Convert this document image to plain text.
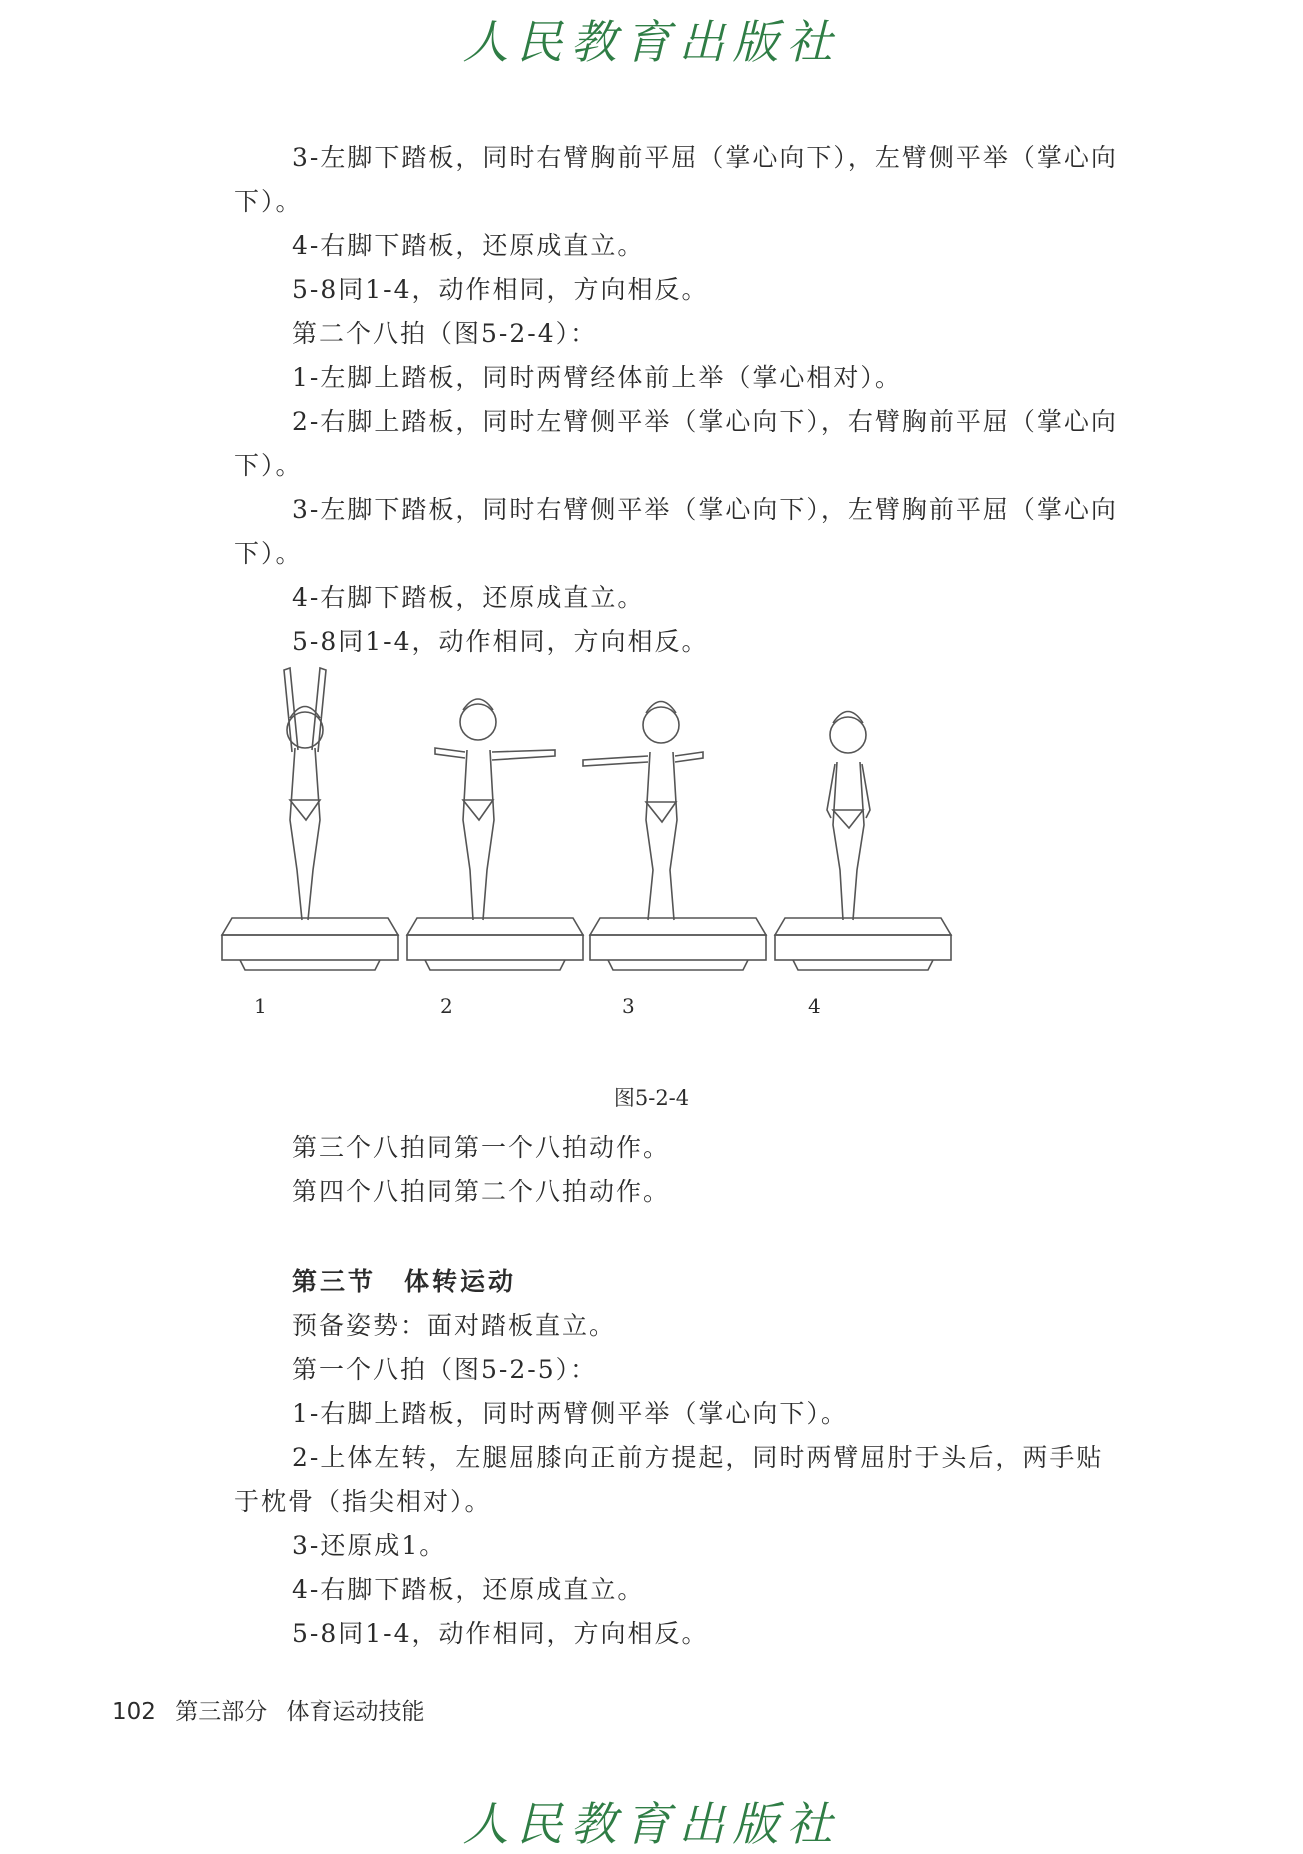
人民教育出版社
3-左脚下踏板，同时右臂胸前平屈（掌心向下），左臂侧平举（掌心向
下）。
4-右脚下踏板，还原成直立。
5-8同1-4，动作相同，方向相反。
第二个八拍（图5-2-4）：
1-左脚上踏板，同时两臂经体前上举（掌心相对）。
2-右脚上踏板，同时左臂侧平举（掌心向下），右臂胸前平屈（掌心向
下）。
3-左脚下踏板，同时右臂侧平举（掌心向下），左臂胸前平屈（掌心向
下）。
4-右脚下踏板，还原成直立。
5-8同1-4，动作相同，方向相反。
1	2	3	4
图5-2-4
第三个八拍同第一个八拍动作。
第四个八拍同第二个八拍动作。
第三节　体转运动
预备姿势：面对踏板直立。
第一个八拍（图5-2-5）：
1-右脚上踏板，同时两臂侧平举（掌心向下）。
2-上体左转，左腿屈膝向正前方提起，同时两臂屈肘于头后，两手贴
于枕骨（指尖相对）。
3-还原成1。
4-右脚下踏板，还原成直立。
5-8同1-4，动作相同，方向相反。
102 第三部分 体育运动技能
人民教育出版社
